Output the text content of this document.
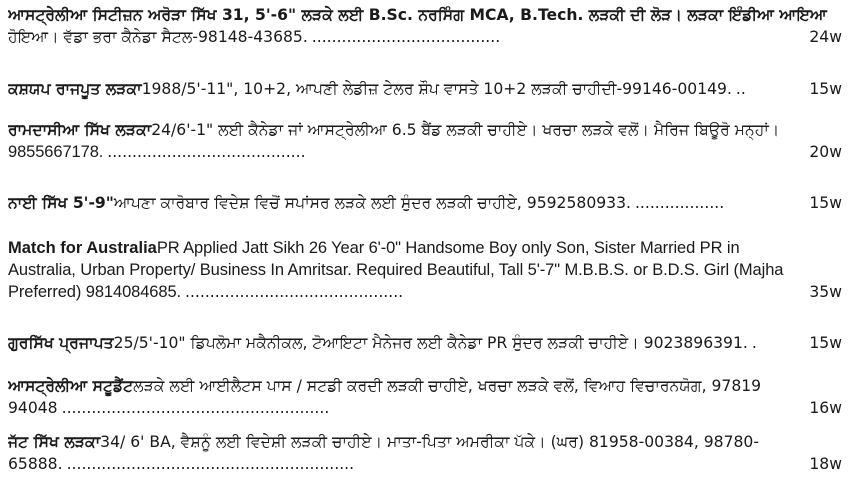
ਆਸਟ੍ਰੇਲੀਆ ਸਿਟੀਜ਼ਨ ਅਰੋੜਾ ਸਿੱਖ 31, 5'-6" ਲੜਕੇ ਲਈ B.Sc. ਨਰਸਿੰਗ MCA, B.Tech. ਲੜਕੀ ਦੀ ਲੋੜ। ਲੜਕਾ ਇੰਡੀਆ ਆਇਆ
ਹੋਇਆ। ਵੱਡਾ ਭਰਾ ਕੈਨੇਡਾ ਸੈਟਲ-98148-43685. ......................................	24w
ਕਸ਼ਯਪ ਰਾਜਪੂਤ ਲੜਕਾ 1988/5'-11", 10+2, ਆਪਣੀ ਲੇਡੀਜ਼ ਟੇਲਰ ਸ਼ੌਪ ਵਾਸਤੇ 10+2 ਲੜਕੀ ਚਾਹੀਦੀ-99146-00149. ..	15w
ਰਾਮਦਾਸੀਆ ਸਿੱਖ ਲੜਕਾ 24/6'-1" ਲਈ ਕੈਨੇਡਾ ਜਾਂ ਆਸਟ੍ਰੇਲੀਆ 6.5 ਬੈਂਡ ਲੜਕੀ ਚਾਹੀਏ। ਖਰਚਾ ਲੜਕੇ ਵਲੋਂ। ਮੈਰਿਜ ਬਿਊਰੋ ਮਨ੍ਹਾਂ।
9855667178. ........................................	20w
ਨਾਈ ਸਿੱਖ 5'-9" ਆਪਣਾ ਕਾਰੋਬਾਰ ਵਿਦੇਸ਼ ਵਿਚੋਂ ਸਪਾਂਸਰ ਲੜਕੇ ਲਈ ਸੁੰਦਰ ਲੜਕੀ ਚਾਹੀਏ, 9592580933. ..................	15w
Match for Australia PR Applied Jatt Sikh 26 Year 6'-0" Handsome Boy only Son, Sister Married PR in
Australia, Urban Property/ Business In Amritsar. Required Beautiful, Tall 5'-7" M.B.B.S. or B.D.S. Girl (Majha
Preferred) 9814084685. ............................................	35w
ਗੁਰਸਿੱਖ ਪ੍ਰਜਾਪਤ 25/5'-10" ਡਿਪਲੋਮਾ ਮਕੈਨੀਕਲ, ਟੋਆਇਟਾ ਮੈਨੇਜਰ ਲਈ ਕੈਨੇਡਾ PR ਸੁੰਦਰ ਲੜਕੀ ਚਾਹੀਏ। 9023896391. .	15w
ਆਸਟ੍ਰੇਲੀਆ ਸਟੂਡੈਂਟ ਲੜਕੇ ਲਈ ਆਈਲੈਟਸ ਪਾਸ / ਸਟਡੀ ਕਰਦੀ ਲੜਕੀ ਚਾਹੀਏ, ਖਰਚਾ ਲੜਕੇ ਵਲੋਂ, ਵਿਆਹ ਵਿਚਾਰਨਯੋਗ, 97819
94048 ......................................................	16w
ਜੱਟ ਸਿੱਖ ਲੜਕਾ 34/ 6' BA, ਵੈਸ਼ਨੂੰ ਲਈ ਵਿਦੇਸ਼ੀ ਲੜਕੀ ਚਾਹੀਏ। ਮਾਤਾ-ਪਿਤਾ ਅਮਰੀਕਾ ਪੱਕੇ। (ਘਰ) 81958-00384, 98780-
65888. ..........................................................	18w
